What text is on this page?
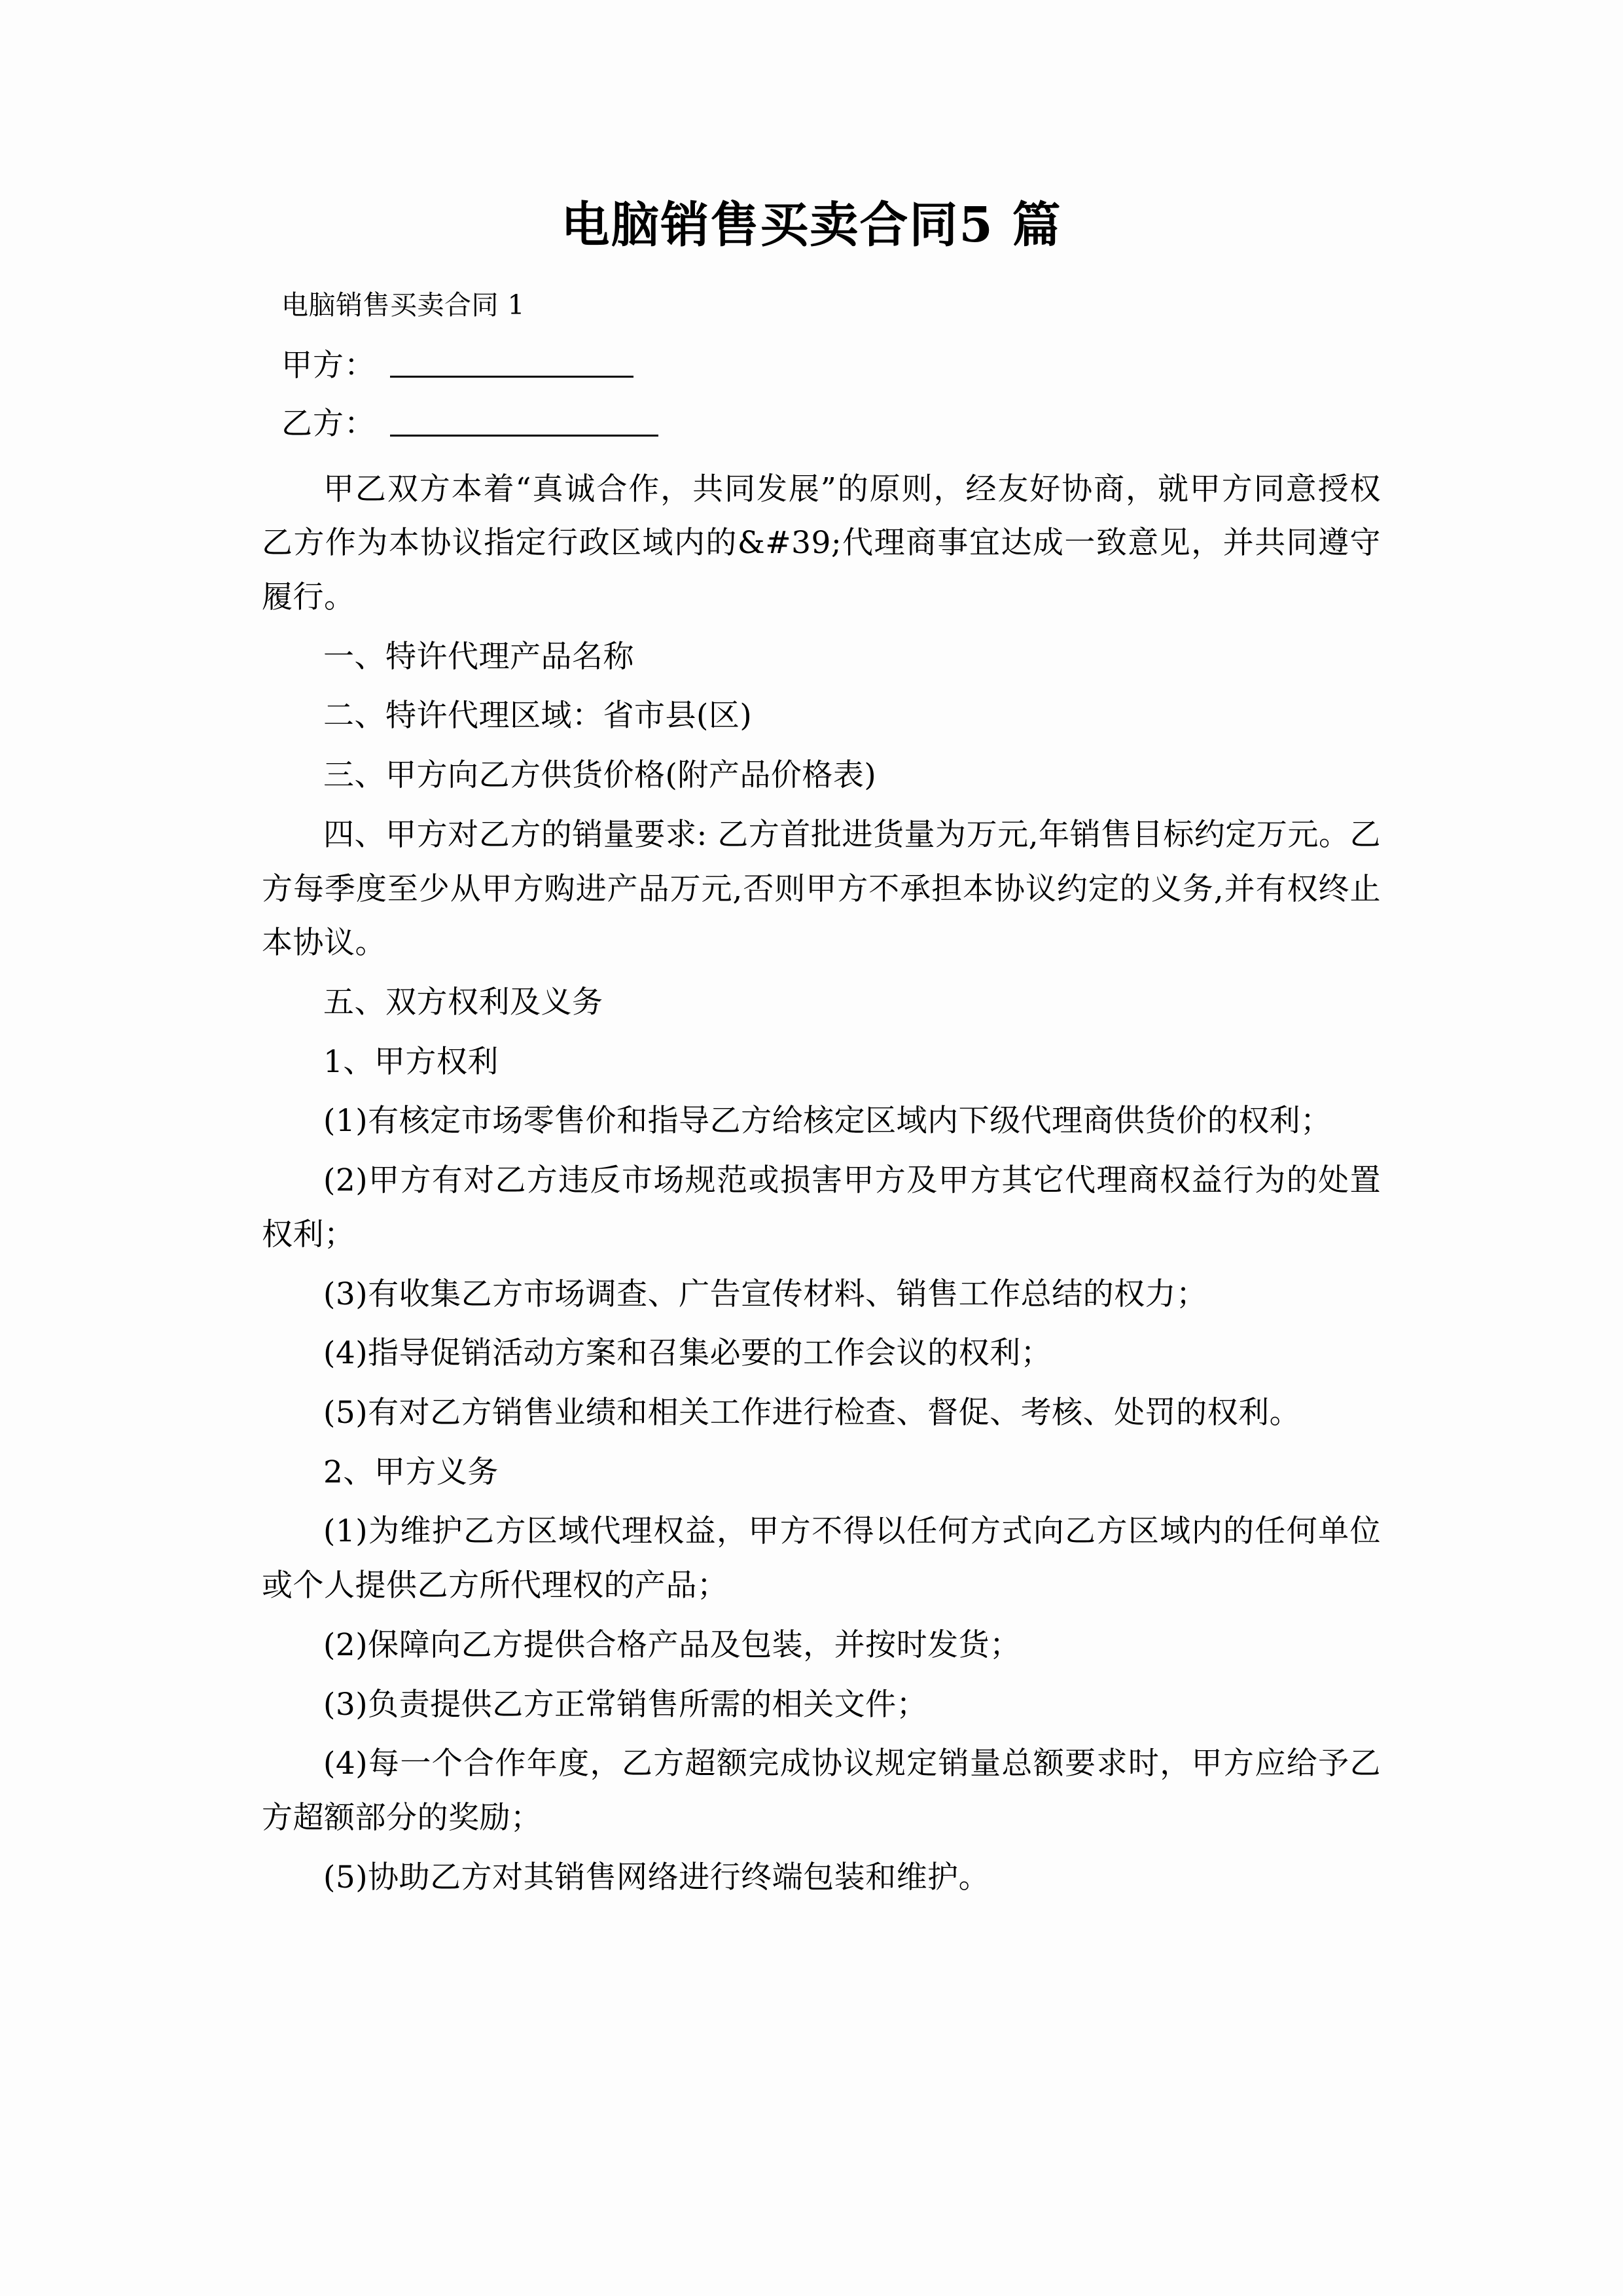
电脑销售买卖合同5 篇
电脑销售买卖合同 1
甲方：
乙方：

甲乙双方本着“真诚合作，共同发展”的原则，经友好协商，就甲方同意授权乙方作为本协议指定行政区域内的&#39;代理商事宜达成一致意见，并共同遵守履行。

一、特许代理产品名称

二、特许代理区域：省市县(区)

三、甲方向乙方供货价格(附产品价格表)

四、甲方对乙方的销量要求: 乙方首批进货量为万元,年销售目标约定万元。乙方每季度至少从甲方购进产品万元,否则甲方不承担本协议约定的义务,并有权终止本协议。

五、双方权利及义务

1、甲方权利

(1)有核定市场零售价和指导乙方给核定区域内下级代理商供货价的权利；

(2)甲方有对乙方违反市场规范或损害甲方及甲方其它代理商权益行为的处置权利；

(3)有收集乙方市场调查、广告宣传材料、销售工作总结的权力；

(4)指导促销活动方案和召集必要的工作会议的权利；

(5)有对乙方销售业绩和相关工作进行检查、督促、考核、处罚的权利。

2、甲方义务

(1)为维护乙方区域代理权益，甲方不得以任何方式向乙方区域内的任何单位或个人提供乙方所代理权的产品；

(2)保障向乙方提供合格产品及包装，并按时发货；

(3)负责提供乙方正常销售所需的相关文件；

(4)每一个合作年度，乙方超额完成协议规定销量总额要求时，甲方应给予乙方超额部分的奖励；

(5)协助乙方对其销售网络进行终端包装和维护。
